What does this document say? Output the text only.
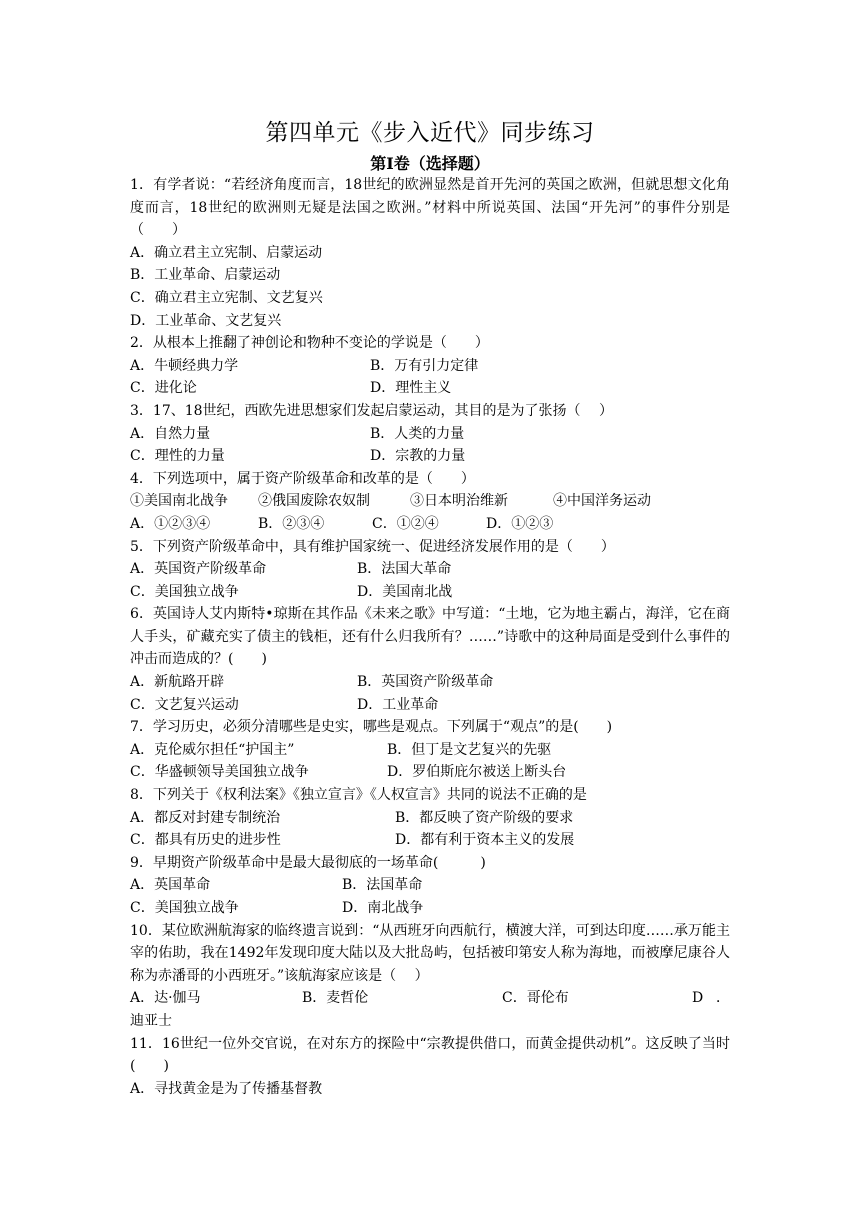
第四单元《步入近代》同步练习
第Ⅰ卷（选择题）
1．有学者说：“若经济角度而言，18世纪的欧洲显然是首开先河的英国之欧洲，但就思想文化角度而言，18世纪的欧洲则无疑是法国之欧洲。”材料中所说英国、法国“开先河”的事件分别是（　　）
A．确立君主立宪制、启蒙运动
B．工业革命、启蒙运动
C．确立君主立宪制、文艺复兴
D．工业革命、文艺复兴
2．从根本上推翻了神创论和物种不变论的学说是（　　）
A．牛顿经典力学	B．万有引力定律
C．进化论	D．理性主义
3．17、18世纪，西欧先进思想家们发起启蒙运动，其目的是为了张扬（　 ）
A．自然力量	B．人类的力量
C．理性的力量	D．宗教的力量
4．下列选项中，属于资产阶级革命和改革的是（　　）
①美国南北战争	②俄国废除农奴制	③日本明治维新	④中国洋务运动
A．①②③④	B．②③④	C．①②④	D．①②③
5．下列资产阶级革命中，具有维护国家统一、促进经济发展作用的是（　　）
A．英国资产阶级革命	B．法国大革命
C．美国独立战争	D．美国南北战
6．英国诗人艾内斯特•琼斯在其作品《未来之歌》中写道：“土地，它为地主霸占，海洋，它在商人手头，矿藏充实了债主的钱柜，还有什么归我所有？……”诗歌中的这种局面是受到什么事件的冲击而造成的？(　　)
A．新航路开辟	B．英国资产阶级革命
C．文艺复兴运动	D．工业革命
7．学习历史，必须分清哪些是史实，哪些是观点。下列属于“观点”的是(　　)
A．克伦威尔担任“护国主”	B．但丁是文艺复兴的先驱
C．华盛顿领导美国独立战争	D．罗伯斯庇尔被送上断头台
8．下列关于《权利法案》《独立宣言》《人权宣言》共同的说法不正确的是
A．都反对封建专制统治	B．都反映了资产阶级的要求
C．都具有历史的进步性	D．都有利于资本主义的发展
9．早期资产阶级革命中是最大最彻底的一场革命(　　　)
A．英国革命	B．法国革命
C．美国独立战争	D．南北战争
10．某位欧洲航海家的临终遗言说到：“从西班牙向西航行，横渡大洋，可到达印度……承万能主宰的佑助，我在1492年发现印度大陆以及大批岛屿，包括被印第安人称为海地，而被摩尼康谷人称为赤潘哥的小西班牙。”该航海家应该是（　 ）
A．达·伽马	B．麦哲伦	C．哥伦布	D．迪亚士
11．16世纪一位外交官说，在对东方的探险中“宗教提供借口，而黄金提供动机”。这反映了当时(　　)
A．寻找黄金是为了传播基督教
